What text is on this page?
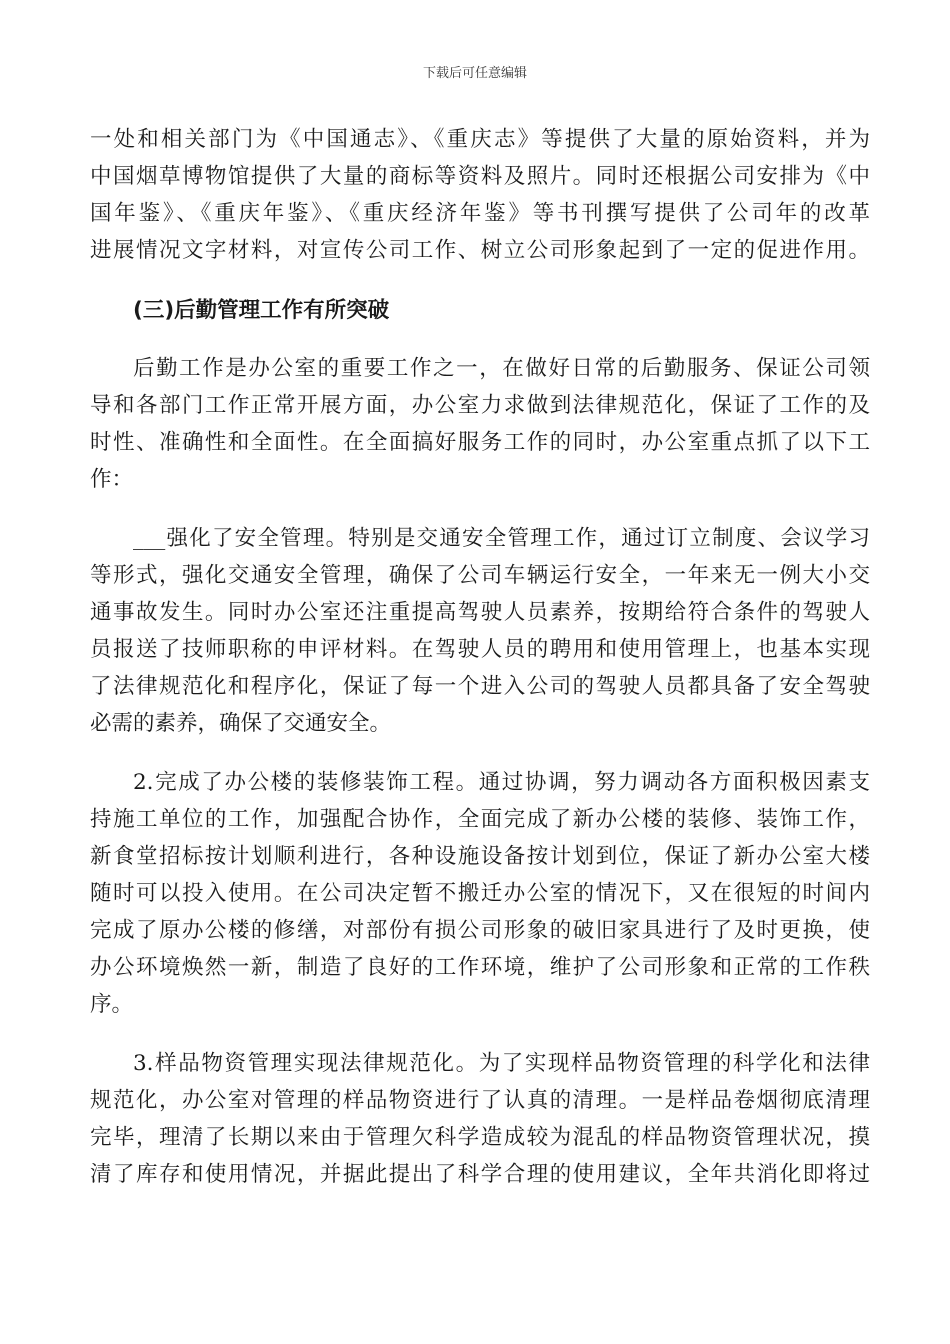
下载后可任意编辑
一处和相关部门为《中国通志》、《重庆志》等提供了大量的原始资料，并为
中国烟草博物馆提供了大量的商标等资料及照片。同时还根据公司安排为《中
国年鉴》、《重庆年鉴》、《重庆经济年鉴》等书刊撰写提供了公司年的改革
进展情况文字材料，对宣传公司工作、树立公司形象起到了一定的促进作用。
(三)后勤管理工作有所突破
后勤工作是办公室的重要工作之一，在做好日常的后勤服务、保证公司领
导和各部门工作正常开展方面，办公室力求做到法律规范化，保证了工作的及
时性、准确性和全面性。在全面搞好服务工作的同时，办公室重点抓了以下工
作：
___强化了安全管理。特别是交通安全管理工作，通过订立制度、会议学习
等形式，强化交通安全管理，确保了公司车辆运行安全，一年来无一例大小交
通事故发生。同时办公室还注重提高驾驶人员素养，按期给符合条件的驾驶人
员报送了技师职称的申评材料。在驾驶人员的聘用和使用管理上，也基本实现
了法律规范化和程序化，保证了每一个进入公司的驾驶人员都具备了安全驾驶
必需的素养，确保了交通安全。
2.完成了办公楼的装修装饰工程。通过协调，努力调动各方面积极因素支
持施工单位的工作，加强配合协作，全面完成了新办公楼的装修、装饰工作，
新食堂招标按计划顺利进行，各种设施设备按计划到位，保证了新办公室大楼
随时可以投入使用。在公司决定暂不搬迁办公室的情况下，又在很短的时间内
完成了原办公楼的修缮，对部份有损公司形象的破旧家具进行了及时更换，使
办公环境焕然一新，制造了良好的工作环境，维护了公司形象和正常的工作秩
序。
3.样品物资管理实现法律规范化。为了实现样品物资管理的科学化和法律
规范化，办公室对管理的样品物资进行了认真的清理。一是样品卷烟彻底清理
完毕，理清了长期以来由于管理欠科学造成较为混乱的样品物资管理状况，摸
清了库存和使用情况，并据此提出了科学合理的使用建议，全年共消化即将过
